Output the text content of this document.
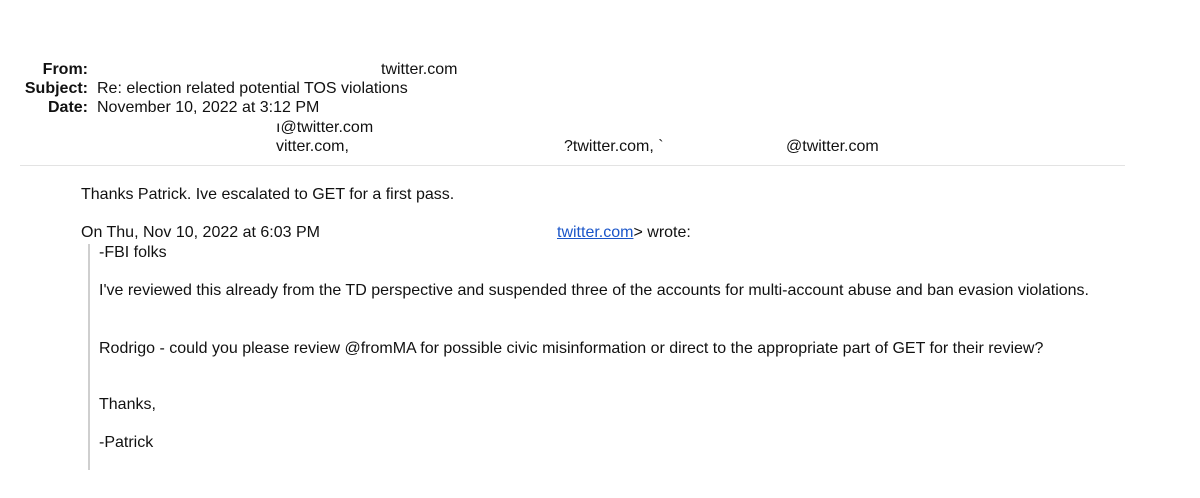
From:	twitter.com
Subject: Re: election related potential TOS violations
Date: November 10, 2022 at 3:12 PM
ı@twitter.com
vitter.com,	?twitter.com, `	@twitter.com
Thanks Patrick. Ive escalated to GET for a first pass.
On Thu, Nov 10, 2022 at 6:03 PM	twitter.com> wrote:
-FBI folks
I've reviewed this already from the TD perspective and suspended three of the accounts for multi-account abuse and ban evasion violations.
Rodrigo - could you please review @fromMA for possible civic misinformation or direct to the appropriate part of GET for their review?
Thanks,
-Patrick
